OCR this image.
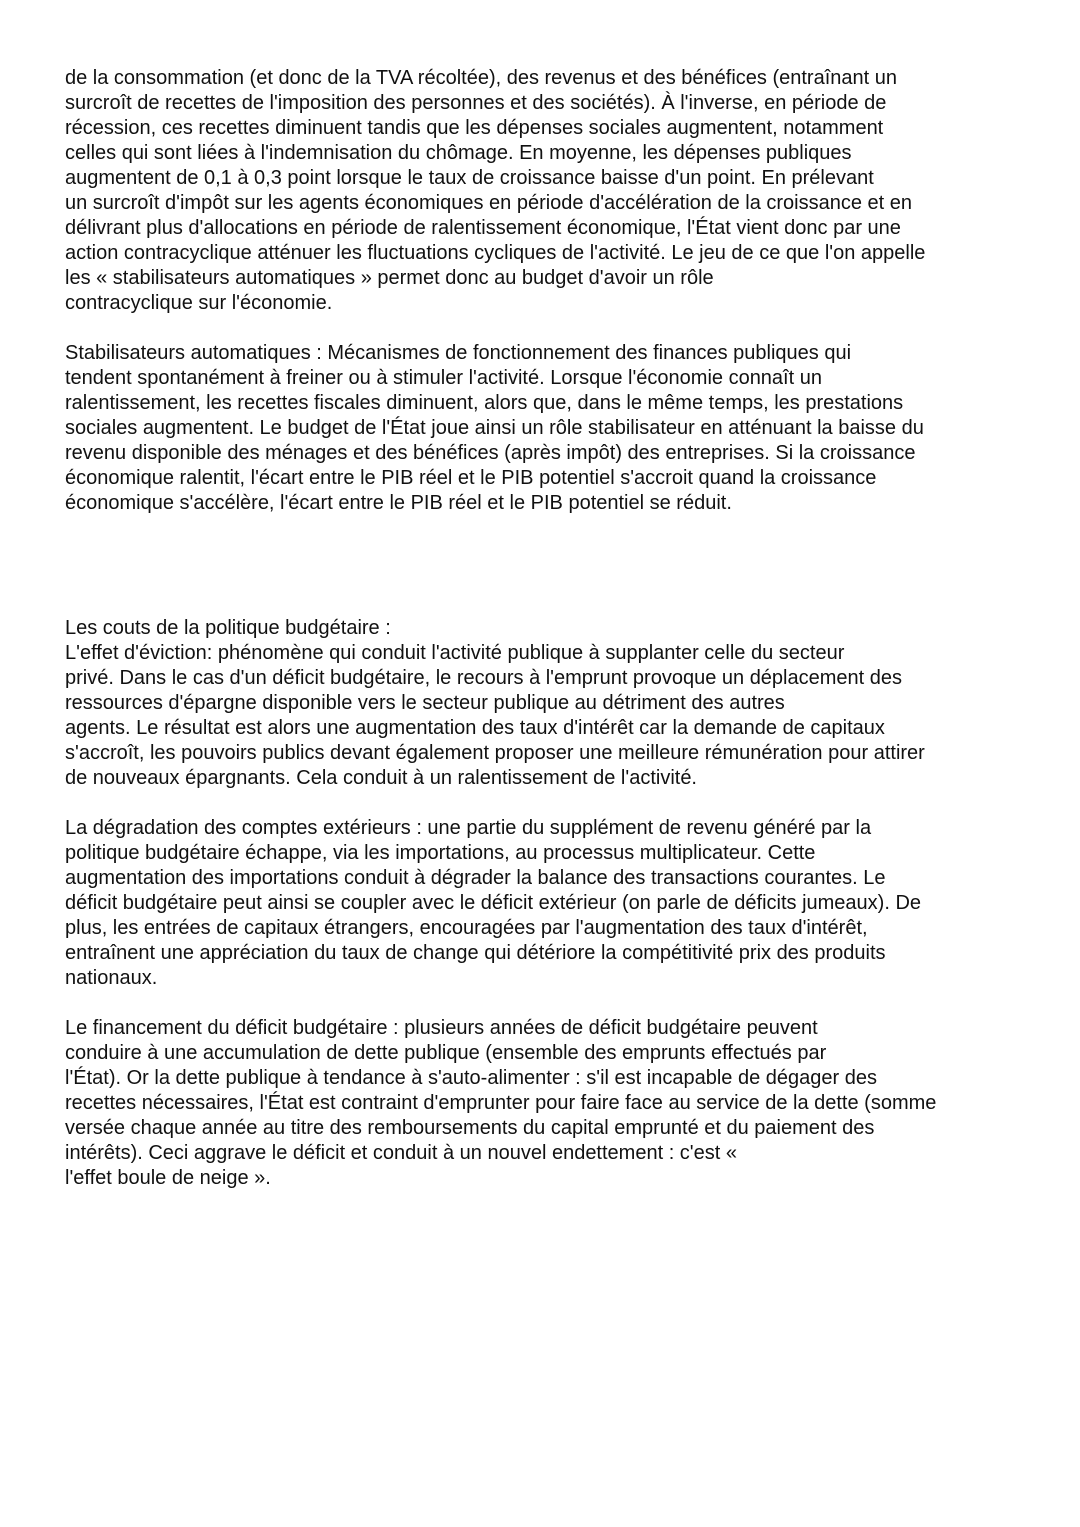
de la consommation (et donc de la TVA récoltée), des revenus et des bénéfices (entraînant un
surcroît de recettes de l'imposition des personnes et des sociétés). À l'inverse, en période de
récession, ces recettes diminuent tandis que les dépenses sociales augmentent, notamment
celles qui sont liées à l'indemnisation du chômage. En moyenne, les dépenses publiques
augmentent de 0,1 à 0,3 point lorsque le taux de croissance baisse d'un point. En prélevant
un surcroît d'impôt sur les agents économiques en période d'accélération de la croissance et en
délivrant plus d'allocations en période de ralentissement économique, l'État vient donc par une
action contracyclique atténuer les fluctuations cycliques de l'activité. Le jeu de ce que l'on appelle
les « stabilisateurs automatiques » permet donc au budget d'avoir un rôle
contracyclique sur l'économie.

Stabilisateurs automatiques : Mécanismes de fonctionnement des finances publiques qui
tendent spontanément à freiner ou à stimuler l'activité. Lorsque l'économie connaît un
ralentissement, les recettes fiscales diminuent, alors que, dans le même temps, les prestations
sociales augmentent. Le budget de l'État joue ainsi un rôle stabilisateur en atténuant la baisse du
revenu disponible des ménages et des bénéfices (après impôt) des entreprises. Si la croissance
économique ralentit, l'écart entre le PIB réel et le PIB potentiel s'accroit quand la croissance
économique s'accélère, l'écart entre le PIB réel et le PIB potentiel se réduit.

Les couts de la politique budgétaire :
L'effet d'éviction: phénomène qui conduit l'activité publique à supplanter celle du secteur
privé. Dans le cas d'un déficit budgétaire, le recours à l'emprunt provoque un déplacement des
ressources d'épargne disponible vers le secteur publique au détriment des autres
agents. Le résultat est alors une augmentation des taux d'intérêt car la demande de capitaux
s'accroît, les pouvoirs publics devant également proposer une meilleure rémunération pour attirer
de nouveaux épargnants. Cela conduit à un ralentissement de l'activité.

La dégradation des comptes extérieurs : une partie du supplément de revenu généré par la
politique budgétaire échappe, via les importations, au processus multiplicateur. Cette
augmentation des importations conduit à dégrader la balance des transactions courantes. Le
déficit budgétaire peut ainsi se coupler avec le déficit extérieur (on parle de déficits jumeaux). De
plus, les entrées de capitaux étrangers, encouragées par l'augmentation des taux d'intérêt,
entraînent une appréciation du taux de change qui détériore la compétitivité prix des produits
nationaux.

Le financement du déficit budgétaire : plusieurs années de déficit budgétaire peuvent
conduire à une accumulation de dette publique (ensemble des emprunts effectués par
l'État). Or la dette publique à tendance à s'auto-alimenter : s'il est incapable de dégager des
recettes nécessaires, l'État est contraint d'emprunter pour faire face au service de la dette (somme
versée chaque année au titre des remboursements du capital emprunté et du paiement des
intérêts). Ceci aggrave le déficit et conduit à un nouvel endettement : c'est «
l'effet boule de neige ».
